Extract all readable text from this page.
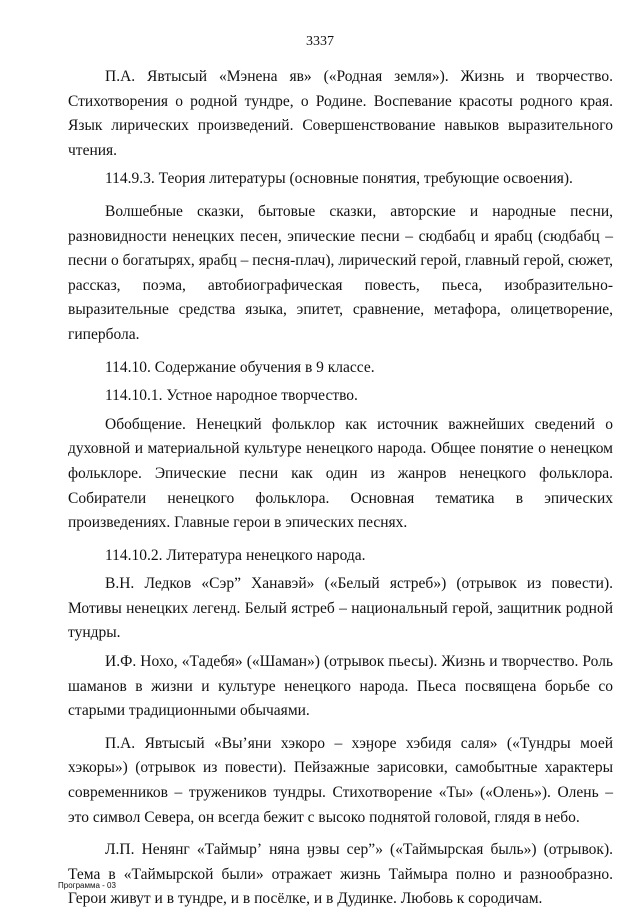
3337

П.А. Явтысый «Мэнена яв» («Родная земля»). Жизнь и творчество. Стихотворения о родной тундре, о Родине. Воспевание красоты родного края. Язык лирических произведений. Совершенствование навыков выразительного чтения.

114.9.3. Теория литературы (основные понятия, требующие освоения).

Волшебные сказки, бытовые сказки, авторские и народные песни, разновидности ненецких песен, эпические песни – сюдбабц и ярабц (сюдбабц – песни о богатырях, ярабц – песня-плач), лирический герой, главный герой, сюжет, рассказ, поэма, автобиографическая повесть, пьеса, изобразительно-выразительные средства языка, эпитет, сравнение, метафора, олицетворение, гипербола.

114.10. Содержание обучения в 9 классе.

114.10.1. Устное народное творчество.

Обобщение. Ненецкий фольклор как источник важнейших сведений о духовной и материальной культуре ненецкого народа. Общее понятие о ненецком фольклоре. Эпические песни как один из жанров ненецкого фольклора. Собиратели ненецкого фольклора. Основная тематика в эпических произведениях. Главные герои в эпических песнях.

114.10.2. Литература ненецкого народа.

В.Н. Ледков «Сэр” Ханавэй» («Белый ястреб») (отрывок из повести). Мотивы ненецких легенд. Белый ястреб – национальный герой, защитник родной тундры.

И.Ф. Нохо, «Тадебя» («Шаман») (отрывок пьесы). Жизнь и творчество. Роль шаманов в жизни и культуре ненецкого народа. Пьеса посвящена борьбе со старыми традиционными обычаями.

П.А. Явтысый «Выʼяни хэкоро – хэӈоре хэбидя саля» («Тундры моей хэкоры») (отрывок из повести). Пейзажные зарисовки, самобытные характеры современников – тружеников тундры. Стихотворение «Ты» («Олень»). Олень – это символ Севера, он всегда бежит с высоко поднятой головой, глядя в небо.

Л.П. Ненянг «Таймырʼ няна ӈэвы сер”» («Таймырская быль») (отрывок). Тема в «Таймырской были» отражает жизнь Таймыра полно и разнообразно. Герои живут и в тундре, и в посёлке, и в Дудинке. Любовь к сородичам.

Программа - 03
